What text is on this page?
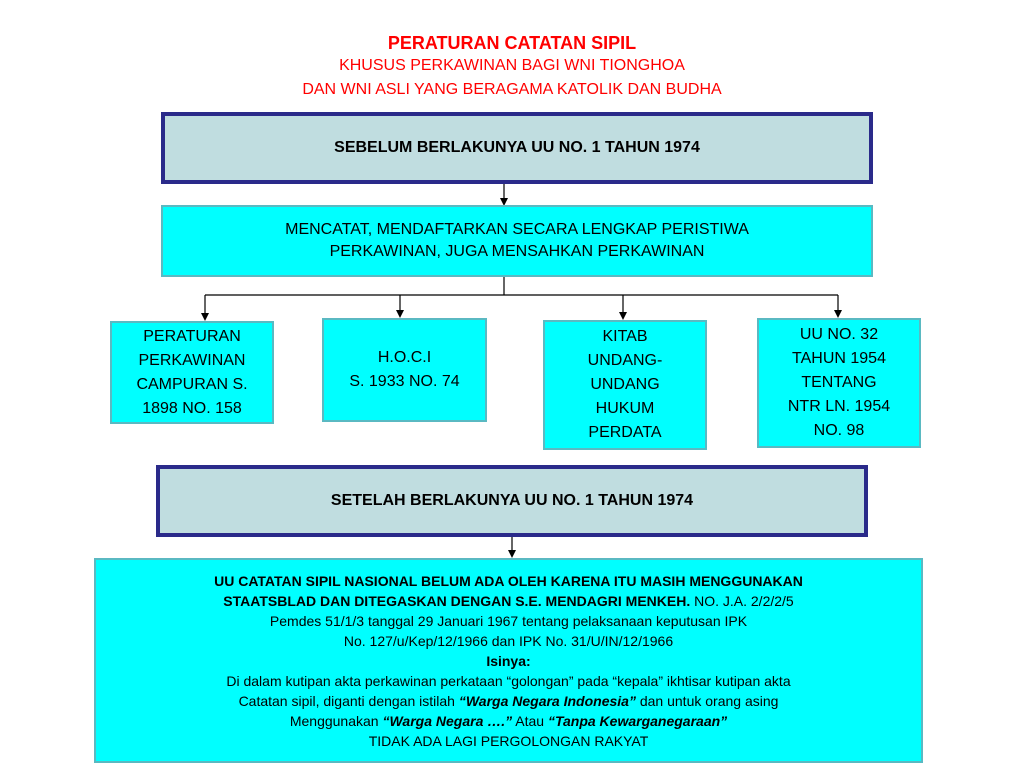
PERATURAN CATATAN SIPIL
KHUSUS PERKAWINAN BAGI WNI TIONGHOA
DAN WNI ASLI YANG BERAGAMA KATOLIK DAN BUDHA
SEBELUM BERLAKUNYA UU NO. 1 TAHUN 1974
MENCATAT, MENDAFTARKAN SECARA LENGKAP PERISTIWA
PERKAWINAN, JUGA MENSAHKAN PERKAWINAN
PERATURAN
PERKAWINAN
CAMPURAN S.
1898 NO. 158
H.O.C.I
S. 1933 NO. 74
KITAB
UNDANG-
UNDANG
HUKUM
PERDATA
UU NO. 32
TAHUN 1954
TENTANG
NTR LN. 1954
NO. 98
SETELAH BERLAKUNYA UU NO. 1 TAHUN 1974
UU CATATAN SIPIL NASIONAL BELUM ADA OLEH KARENA ITU MASIH MENGGUNAKAN
STAATSBLAD DAN DITEGASKAN DENGAN S.E. MENDAGRI MENKEH. NO. J.A. 2/2/2/5
Pemdes 51/1/3 tanggal 29 Januari 1967 tentang pelaksanaan keputusan IPK
No. 127/u/Kep/12/1966 dan IPK No. 31/U/IN/12/1966
Isinya:
Di dalam kutipan akta perkawinan perkataan “golongan” pada “kepala” ikhtisar kutipan akta
Catatan sipil, diganti dengan istilah “Warga Negara Indonesia” dan untuk orang asing
Menggunakan “Warga Negara ….” Atau “Tanpa Kewarganegaraan”
TIDAK ADA LAGI PERGOLONGAN RAKYAT
